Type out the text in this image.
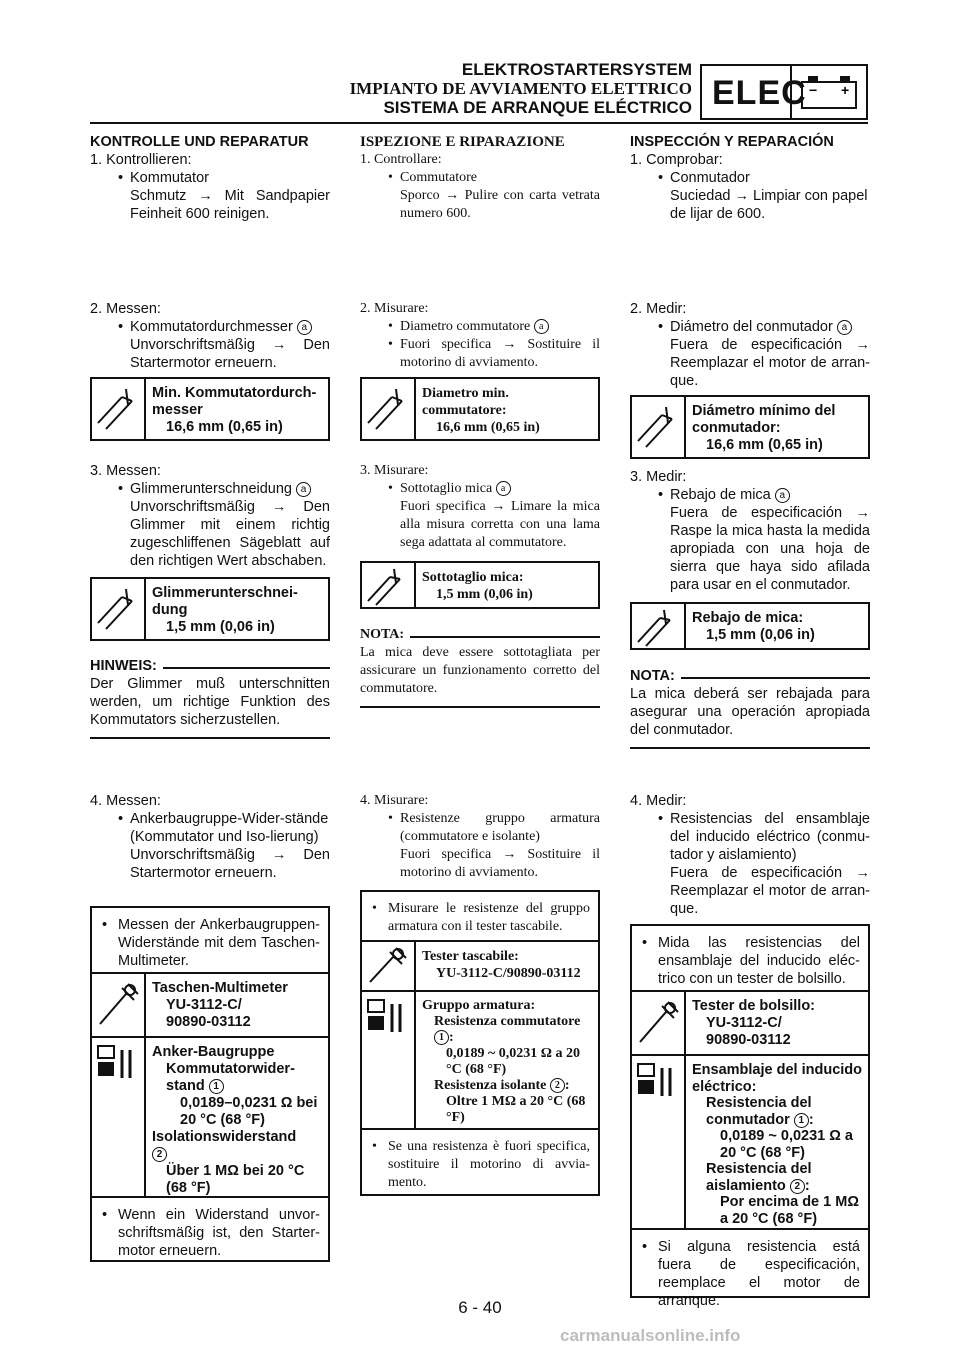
ELEKTROSTARTERSYSTEM
IMPIANTO DE AVVIAMENTO ELETTRICO
SISTEMA DE ARRANQUE ELÉCTRICO ELEC − +
KONTROLLE UND REPARATUR
1. Kontrollieren:
• Kommutator
Schmutz → Mit Sandpapier Feinheit 600 reinigen.
2. Messen:
• Kommutatordurchmesser a
Unvorschriftsmäßig → Den Startermotor erneuern.
Min. Kommutatordurch-messer
16,6 mm (0,65 in)
3. Messen:
• Glimmerunterschneidung a
Unvorschriftsmäßig → Den Glimmer mit einem richtig zugeschliffenen Sägeblatt auf den richtigen Wert abschaben.
Glimmerunterschnei-dung
1,5 mm (0,06 in)
HINWEIS:
Der Glimmer muß unterschnitten werden, um richtige Funktion des Kommutators sicherzustellen.
4. Messen:
• Ankerbaugruppe-Wider-stände (Kommutator und Iso-lierung)
Unvorschriftsmäßig → Den Startermotor erneuern.
• Messen der Ankerbaugruppen-Widerstände mit dem Taschen-Multimeter.
Taschen-Multimeter
YU-3112-C/
90890-03112
Anker-Baugruppe
Kommutatorwider-stand 1
0,0189–0,0231 Ω bei 20 °C (68 °F)
Isolationswiderstand
2
Über 1 MΩ bei 20 °C (68 °F)
• Wenn ein Widerstand unvor-schriftsmäßig ist, den Starter-motor erneuern.
ISPEZIONE E RIPARAZIONE
1. Controllare:
• Commutatore
Sporco → Pulire con carta vetrata numero 600.
2. Misurare:
• Diametro commutatore a
• Fuori specifica → Sostituire il motorino di avviamento.
Diametro min. commutatore:
16,6 mm (0,65 in)
3. Misurare:
• Sottotaglio mica a
Fuori specifica → Limare la mica alla misura corretta con una lama sega adattata al commutatore.
Sottotaglio mica:
1,5 mm (0,06 in)
NOTA:
La mica deve essere sottotagliata per assicurare un funzionamento corretto del commutatore.
4. Misurare:
• Resistenze gruppo armatura (commutatore e isolante)
Fuori specifica → Sostituire il motorino di avviamento.
• Misurare le resistenze del gruppo armatura con il tester tascabile.
Tester tascabile:
YU-3112-C/90890-03112
Gruppo armatura:
Resistenza commutatore
1 :
0,0189 ~ 0,0231 Ω a 20 °C (68 °F)
Resistenza isolante 2 :
Oltre 1 MΩ a 20 °C (68 °F)
• Se una resistenza è fuori specifica, sostituire il motorino di avvia-mento.
INSPECCIÓN Y REPARACIÓN
1. Comprobar:
• Conmutador
Suciedad → Limpiar con papel de lijar de 600.
2. Medir:
• Diámetro del conmutador a
Fuera de especificación → Reemplazar el motor de arran-que.
Diámetro mínimo del conmutador:
16,6 mm (0,65 in)
3. Medir:
• Rebajo de mica a
Fuera de especificación → Raspe la mica hasta la medida apropiada con una hoja de sierra que haya sido afilada para usar en el conmutador.
Rebajo de mica:
1,5 mm (0,06 in)
NOTA:
La mica deberá ser rebajada para asegurar una operación apropiada del conmutador.
4. Medir:
• Resistencias del ensamblaje del inducido eléctrico (conmu-tador y aislamiento)
Fuera de especificación → Reemplazar el motor de arran-que.
• Mida las resistencias del ensamblaje del inducido eléc-trico con un tester de bolsillo.
Tester de bolsillo:
YU-3112-C/
90890-03112
Ensamblaje del inducido eléctrico:
Resistencia del conmutador 1 :
0,0189 ~ 0,0231 Ω a 20 °C (68 °F)
Resistencia del aislamiento 2 :
Por encima de 1 MΩ a 20 °C (68 °F)
• Si alguna resistencia está fuera de especificación, reemplace el motor de arranque.
6 - 40
carmanualsonline.info
